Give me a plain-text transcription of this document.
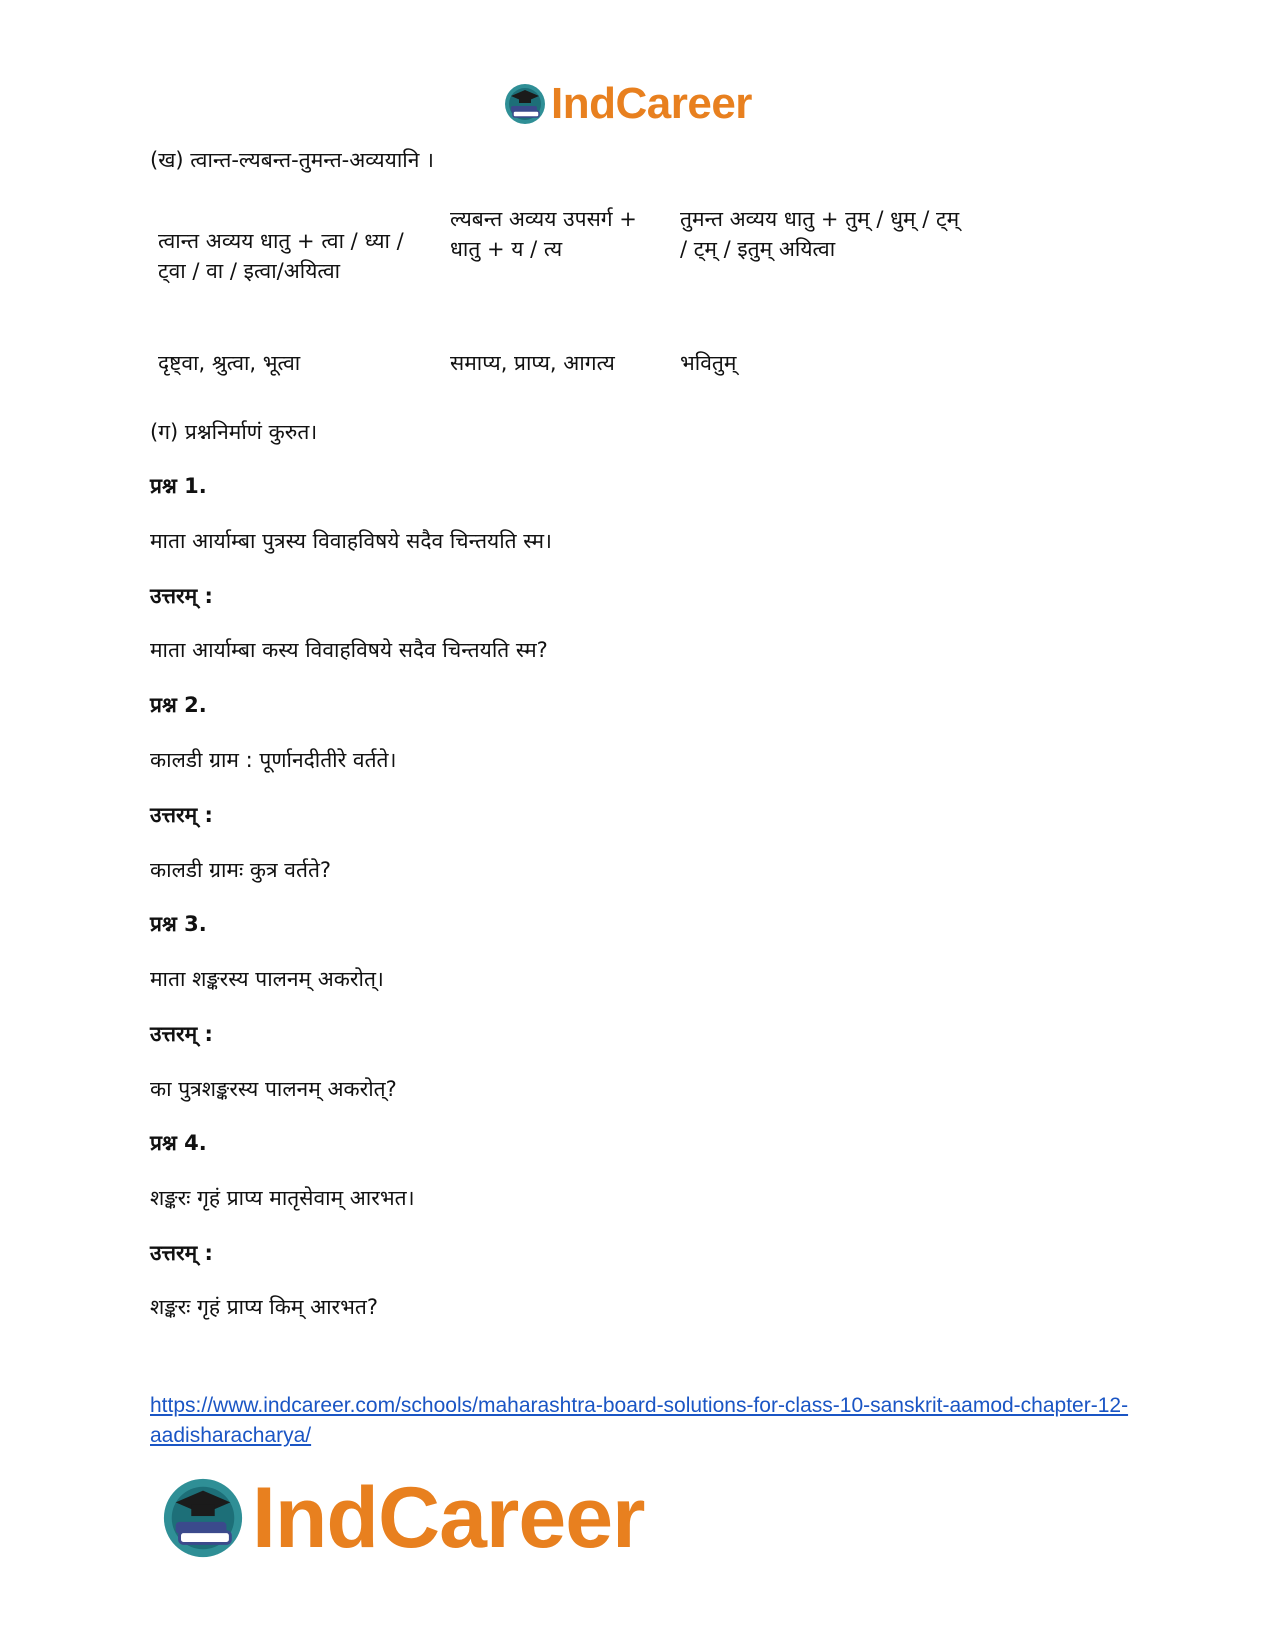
IndCareer
(ख) त्वान्त-ल्यबन्त-तुमन्त-अव्ययानि ।
त्वान्त अव्यय धातु + त्वा / ध्या / ट्वा / वा / इत्वा/अयित्वा
ल्यबन्त अव्यय उपसर्ग + धातु + य / त्य
तुमन्त अव्यय धातु + तुम् / धुम् / ट्म् / ट्म् / इतुम् अयित्वा
दृष्ट्वा, श्रुत्वा, भूत्वा	समाप्य, प्राप्य, आगत्य	भवितुम्
(ग) प्रश्ननिर्माणं कुरुत।
प्रश्न 1.
माता आर्याम्बा पुत्रस्य विवाहविषये सदैव चिन्तयति स्म।
उत्तरम् :
माता आर्याम्बा कस्य विवाहविषये सदैव चिन्तयति स्म?
प्रश्न 2.
कालडी ग्राम : पूर्णानदीतीरे वर्तते।
उत्तरम् :
कालडी ग्रामः कुत्र वर्तते?
प्रश्न 3.
माता शङ्करस्य पालनम् अकरोत्।
उत्तरम् :
का पुत्रशङ्करस्य पालनम् अकरोत्?
प्रश्न 4.
शङ्करः गृहं प्राप्य मातृसेवाम् आरभत।
उत्तरम् :
शङ्करः गृहं प्राप्य किम् आरभत?
https://www.indcareer.com/schools/maharashtra-board-solutions-for-class-10-sanskrit-aamod-chapter-12-aadisharacharya/
IndCareer
